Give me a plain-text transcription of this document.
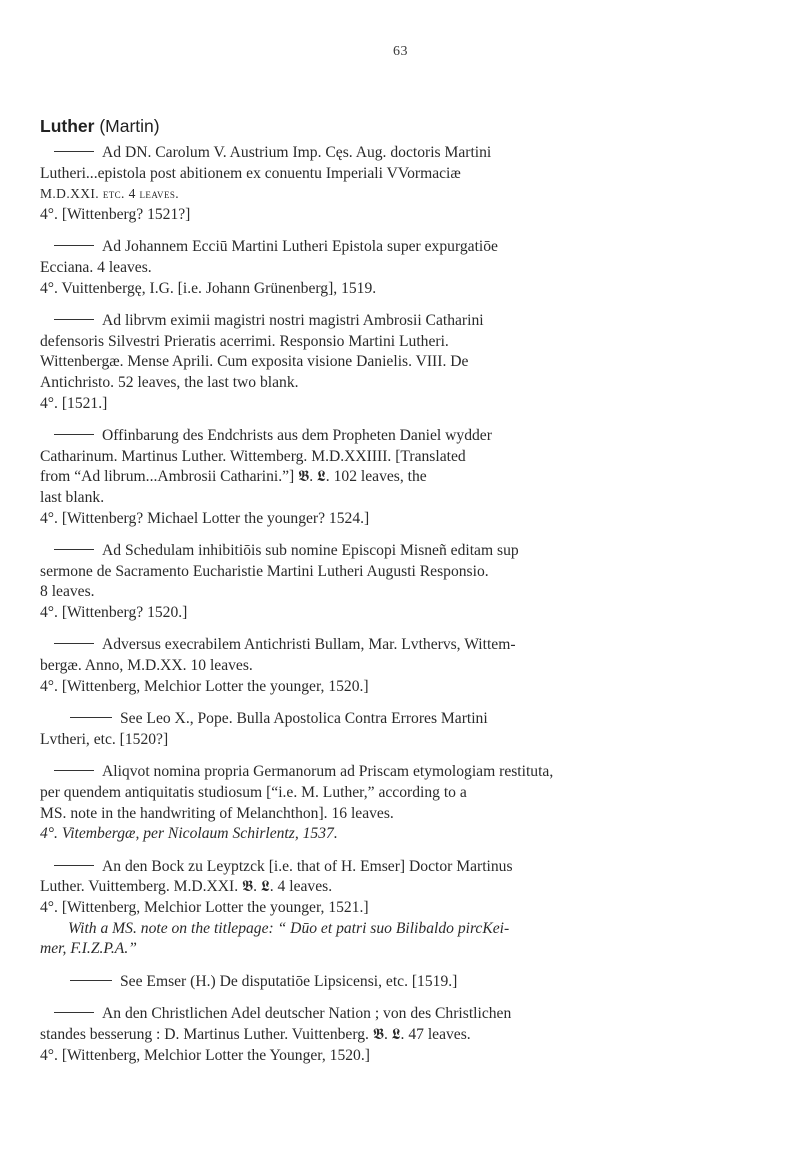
63
Luther (Martin)
Ad DN. Carolum V. Austrium Imp. Cęs. Aug. doctoris Martini
Lutheri...epistola post abitionem ex conuentu Imperiali VVormaciæ
M.D.XXI. etc. 4 leaves.
4°. [Wittenberg? 1521?]
Ad Johannem Ecciū Martini Lutheri Epistola super expurgatiōe
Ecciana. 4 leaves.
4°. Vuittenbergę, I.G. [i.e. Johann Grünenberg], 1519.
Ad librvm eximii magistri nostri magistri Ambrosii Catharini
defensoris Silvestri Prieratis acerrimi. Responsio Martini Lutheri.
Wittenbergæ. Mense Aprili. Cum exposita visione Danielis. VIII. De
Antichristo. 52 leaves, the last two blank.
4°. [1521.]
Offinbarung des Endchrists aus dem Propheten Daniel wydder
Catharinum. Martinus Luther. Wittemberg. M.D.XXIIII. [Translated
from “Ad librum...Ambrosii Catharini.”] 𝕭. 𝕷. 102 leaves, the
last blank.
4°. [Wittenberg? Michael Lotter the younger? 1524.]
Ad Schedulam inhibitiōis sub nomine Episcopi Misneñ editam sup
sermone de Sacramento Eucharistie Martini Lutheri Augusti Responsio.
8 leaves.
4°. [Wittenberg? 1520.]
Adversus execrabilem Antichristi Bullam, Mar. Lvthervs, Wittem-
bergæ. Anno, M.D.XX. 10 leaves.
4°. [Wittenberg, Melchior Lotter the younger, 1520.]
See Leo X., Pope. Bulla Apostolica Contra Errores Martini
Lvtheri, etc. [1520?]
Aliqvot nomina propria Germanorum ad Priscam etymologiam restituta,
per quendem antiquitatis studiosum [“i.e. M. Luther,” according to a
MS. note in the handwriting of Melanchthon]. 16 leaves.
4°. Vitembergæ, per Nicolaum Schirlentz, 1537.
An den Bock zu Leyptzck [i.e. that of H. Emser] Doctor Martinus
Luther. Vuittemberg. M.D.XXI. 𝕭. 𝕷. 4 leaves.
4°. [Wittenberg, Melchior Lotter the younger, 1521.]
With a MS. note on the titlepage: “ Dūo et patri suo Bilibaldo pircKei-
mer, F.I.Z.P.A.”
See Emser (H.) De disputatiōe Lipsicensi, etc. [1519.]
An den Christlichen Adel deutscher Nation ; von des Christlichen
standes besserung : D. Martinus Luther. Vuittenberg. 𝕭. 𝕷. 47 leaves.
4°. [Wittenberg, Melchior Lotter the Younger, 1520.]
